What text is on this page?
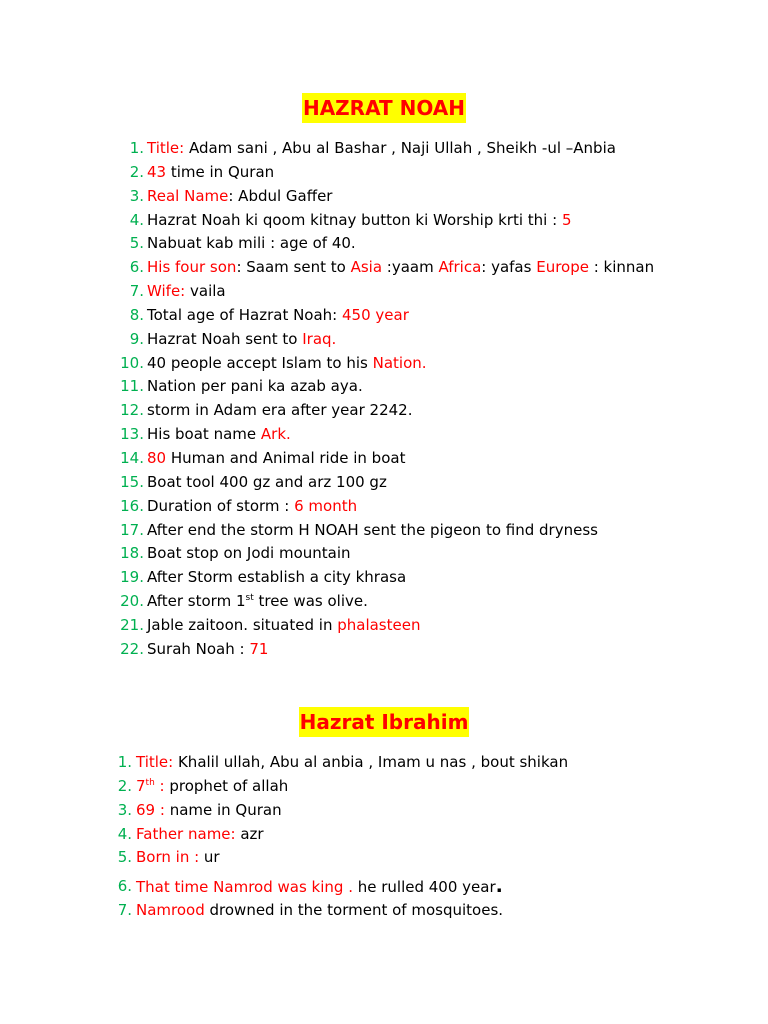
HAZRAT NOAH
1. Title: Adam sani , Abu al Bashar , Naji Ullah , Sheikh -ul –Anbia
2. 43 time in Quran
3. Real Name: Abdul Gaffer
4. Hazrat Noah ki qoom kitnay button ki Worship krti thi : 5
5. Nabuat kab mili : age of 40.
6. His four son: Saam sent to Asia :yaam Africa: yafas Europe : kinnan
7. Wife: vaila
8. Total age of Hazrat Noah: 450 year
9. Hazrat Noah sent to Iraq.
10. 40 people accept Islam to his Nation.
11. Nation per pani ka azab aya.
12. storm in Adam era after year 2242.
13. His boat name Ark.
14. 80 Human and Animal ride in boat
15. Boat tool 400 gz and arz 100 gz
16. Duration of storm : 6 month
17. After end the storm H NOAH sent the pigeon to find dryness
18. Boat stop on Jodi mountain
19. After Storm establish a city khrasa
20. After storm 1st tree was olive.
21. Jable zaitoon. situated in phalasteen
22. Surah Noah : 71
Hazrat Ibrahim
1. Title: Khalil ullah, Abu al anbia , Imam u nas , bout shikan
2. 7th : prophet of allah
3. 69 : name in Quran
4. Father name: azr
5. Born in : ur
6. That time Namrod was king . he rulled 400 year.
7. Namrood drowned in the torment of mosquitoes.
